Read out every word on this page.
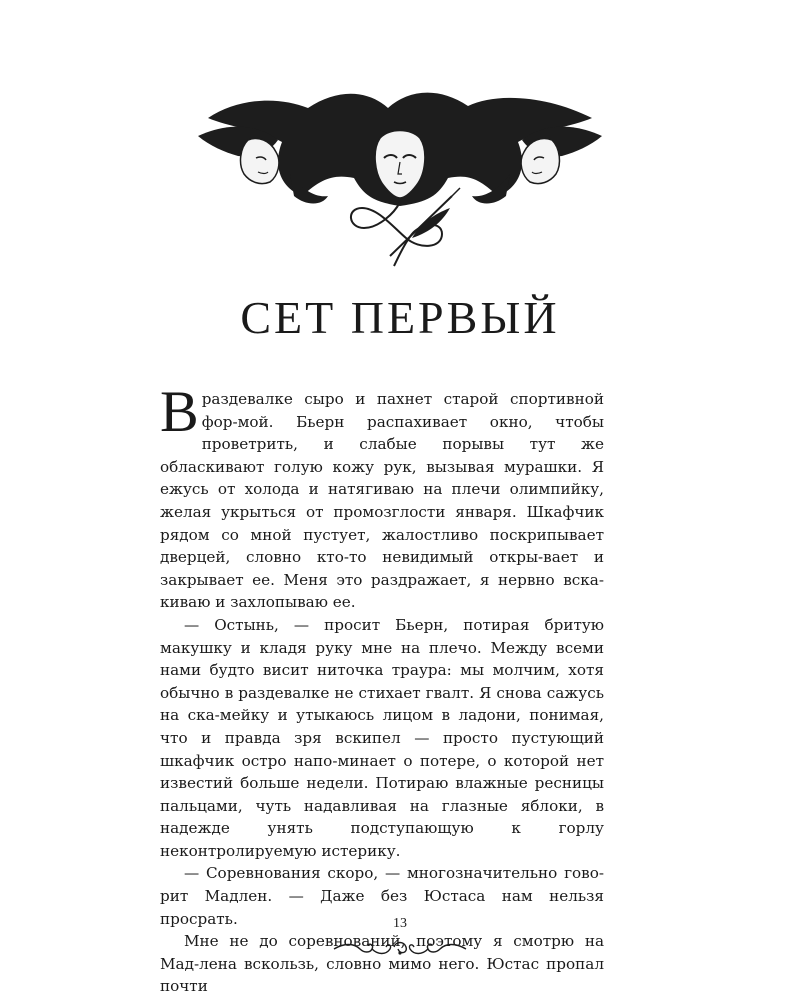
СЕТ ПЕРВЫЙ

Враздевалке сыро и пахнет старой спортивной фор-мой. Бьерн распахивает окно, чтобы проветрить, и слабые порывы тут же обласкивают голую кожу рук, вызывая мурашки. Я ежусь от холода и натягиваю на плечи олимпийку, желая укрыться от промозглости января. Шкафчик рядом со мной пустует, жалостливо поскрипывает дверцей, словно кто-то невидимый откры-вает и закрывает ее. Меня это раздражает, я нервно вска-киваю и захлопываю ее.

— Остынь, — просит Бьерн, потирая бритую макушку и кладя руку мне на плечо. Между всеми нами будто висит ниточка траура: мы молчим, хотя обычно в раздевалке не стихает гвалт. Я снова сажусь на ска-мейку и утыкаюсь лицом в ладони, понимая, что и правда зря вскипел — просто пустующий шкафчик остро напо-минает о потере, о которой нет известий больше недели. Потираю влажные ресницы пальцами, чуть надавливая на глазные яблоки, в надежде унять подступающую к горлу неконтролируемую истерику.

— Соревнования скоро, — многозначительно гово-рит Мадлен. — Даже без Юстаса нам нельзя просрать.

Мне не до соревнований, поэтому я смотрю на Мад-лена вскользь, словно мимо него. Юстас пропал почти

13
